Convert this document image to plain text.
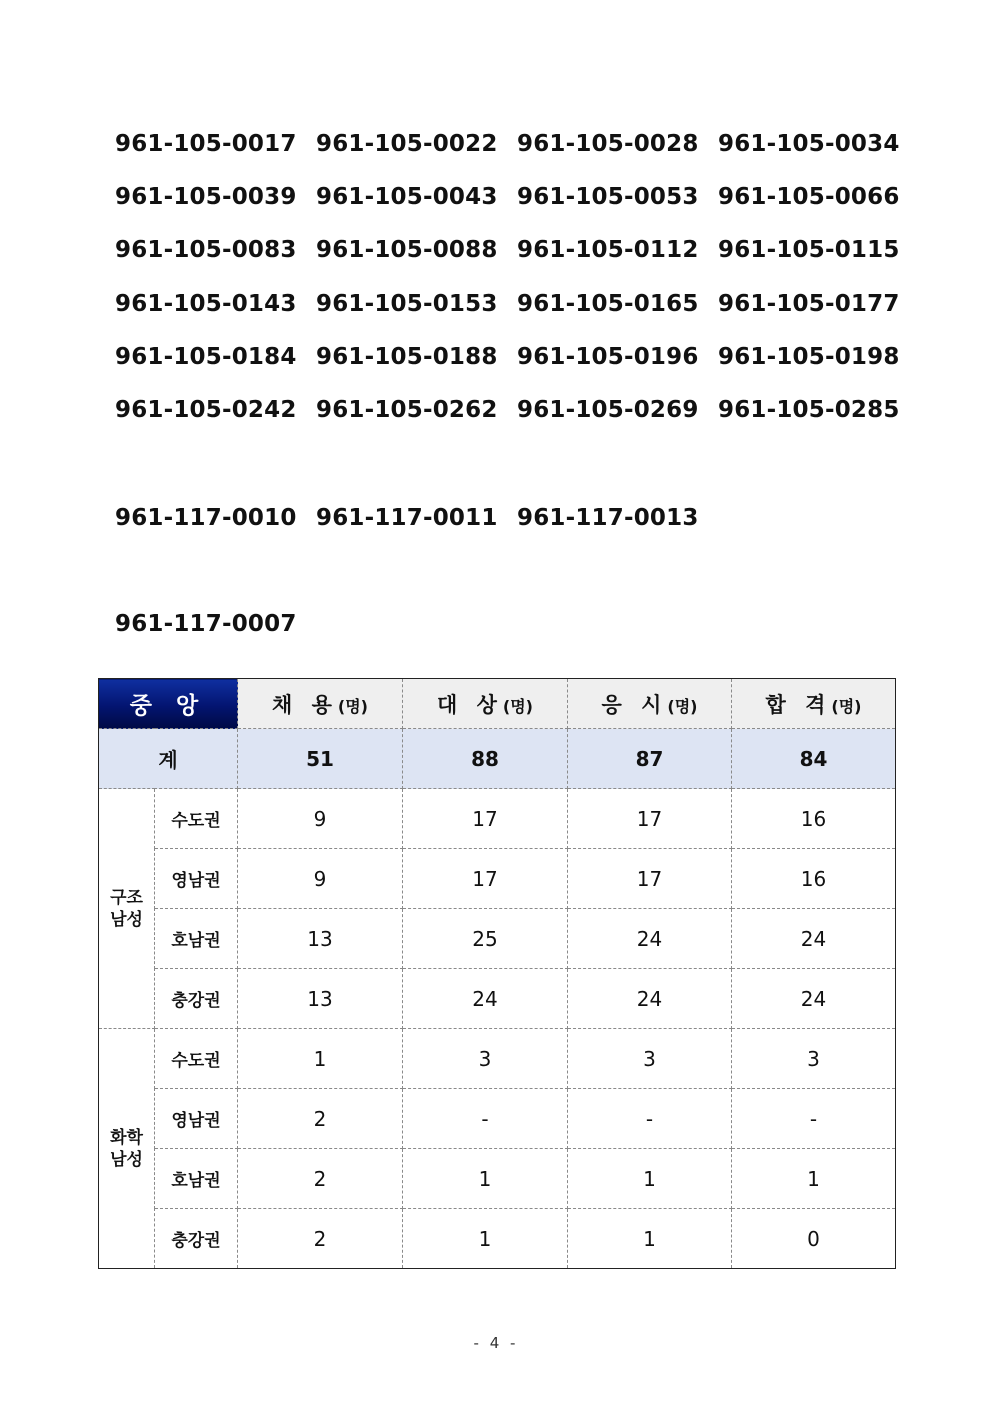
961-105-0017 961-105-0022 961-105-0028 961-105-0034
961-105-0039 961-105-0043 961-105-0053 961-105-0066
961-105-0083 961-105-0088 961-105-0112 961-105-0115
961-105-0143 961-105-0153 961-105-0165 961-105-0177
961-105-0184 961-105-0188 961-105-0196 961-105-0198
961-105-0242 961-105-0262 961-105-0269 961-105-0285
961-117-0010 961-117-0011 961-117-0013
961-117-0007
중 앙		채 용(명)	대 상(명)	응 시(명)	합 격(명)
계		51	88	87	84
구조
남성	수도권	9	17	17	16
	영남권	9	17	17	16
	호남권	13	25	24	24
	충강권	13	24	24	24
화학
남성	수도권	1	3	3	3
	영남권	2	-	-	-
	호남권	2	1	1	1
	충강권	2	1	1	0
- 4 -
